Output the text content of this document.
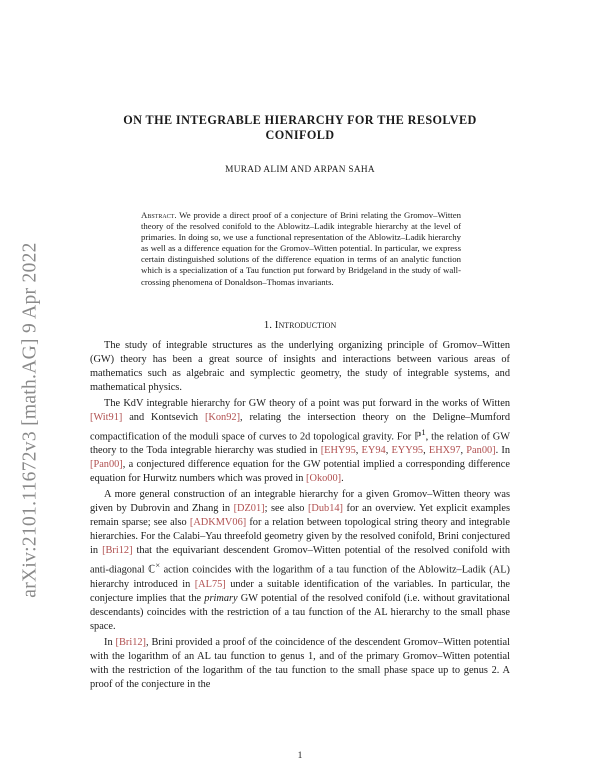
arXiv:2101.11672v3 [math.AG] 9 Apr 2022
ON THE INTEGRABLE HIERARCHY FOR THE RESOLVED CONIFOLD
MURAD ALIM AND ARPAN SAHA
Abstract. We provide a direct proof of a conjecture of Brini relating the Gromov–Witten theory of the resolved conifold to the Ablowitz–Ladik integrable hierarchy at the level of primaries. In doing so, we use a functional representation of the Ablowitz–Ladik hierarchy as well as a difference equation for the Gromov–Witten potential. In particular, we express certain distinguished solutions of the difference equation in terms of an analytic function which is a specialization of a Tau function put forward by Bridgeland in the study of wall-crossing phenomena of Donaldson–Thomas invariants.
1. Introduction

The study of integrable structures as the underlying organizing principle of Gromov–Witten (GW) theory has been a great source of insights and interactions between various areas of mathematics such as algebraic and symplectic geometry, the study of integrable systems, and mathematical physics.

The KdV integrable hierarchy for GW theory of a point was put forward in the works of Witten [Wit91] and Kontsevich [Kon92], relating the intersection theory on the Deligne–Mumford compactification of the moduli space of curves to 2d topological gravity. For ℙ$^1$, the relation of GW theory to the Toda integrable hierarchy was studied in [EHY95, EY94, EYY95, EHX97, Pan00]. In [Pan00], a conjectured difference equation for the GW potential implied a corresponding difference equation for Hurwitz numbers which was proved in [Oko00].

A more general construction of an integrable hierarchy for a given Gromov–Witten theory was given by Dubrovin and Zhang in [DZ01]; see also [Dub14] for an overview. Yet explicit examples remain sparse; see also [ADKMV06] for a relation between topological string theory and integrable hierarchies. For the Calabi–Yau threefold geometry given by the resolved conifold, Brini conjectured in [Bri12] that the equivariant descendent Gromov–Witten potential of the resolved conifold with anti-diagonal ℂ× action coincides with the logarithm of a tau function of the Ablowitz–Ladik (AL) hierarchy introduced in [AL75] under a suitable identification of the variables. In particular, the conjecture implies that the primary GW potential of the resolved conifold (i.e. without gravitational descendants) coincides with the restriction of a tau function of the AL hierarchy to the small phase space.

In [Bri12], Brini provided a proof of the coincidence of the descendent Gromov–Witten potential with the logarithm of an AL tau function to genus 1, and of the primary Gromov–Witten potential with the restriction of the logarithm of the tau function to the small phase space up to genus 2. A proof of the conjecture in the

1
